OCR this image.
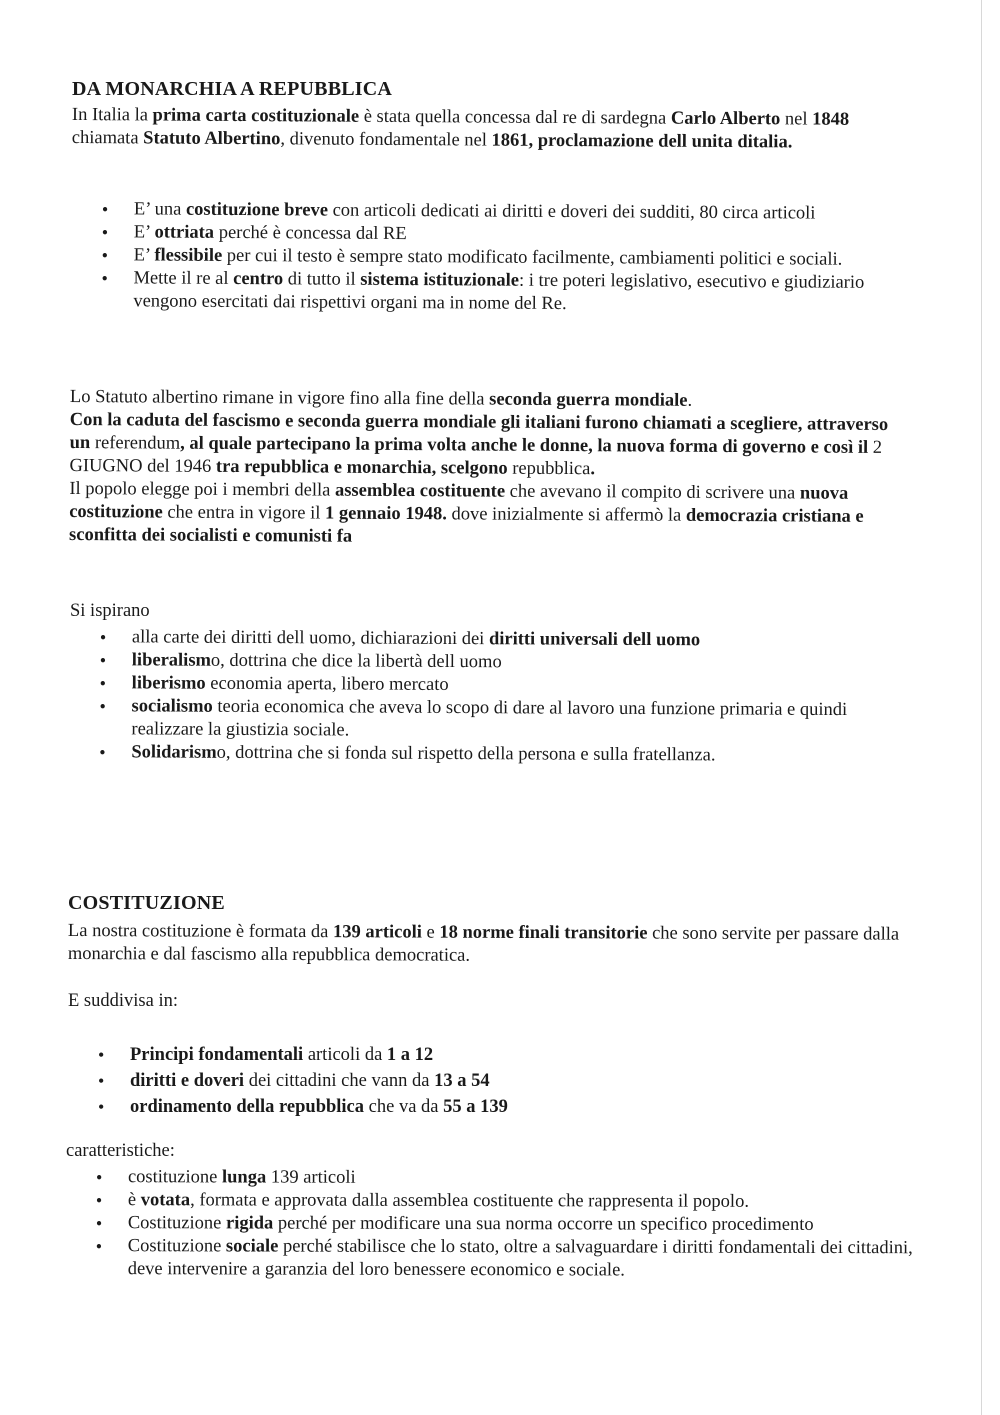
DA MONARCHIA A REPUBBLICA
In Italia la prima carta costituzionale è stata quella concessa dal re di sardegna Carlo Alberto nel 1848 chiamata Statuto Albertino, divenuto fondamentale nel 1861, proclamazione dell unita ditalia.
• E’ una costituzione breve con articoli dedicati ai diritti e doveri dei sudditi, 80 circa articoli
• E’ ottriata perché è concessa dal RE
• E’ flessibile per cui il testo è sempre stato modificato facilmente, cambiamenti politici e sociali.
• Mette il re al centro di tutto il sistema istituzionale: i tre poteri legislativo, esecutivo e giudiziario vengono esercitati dai rispettivi organi ma in nome del Re.
Lo Statuto albertino rimane in vigore fino alla fine della seconda guerra mondiale.
Con la caduta del fascismo e seconda guerra mondiale gli italiani furono chiamati a scegliere, attraverso un referendum, al quale partecipano la prima volta anche le donne, la nuova forma di governo e così il 2 GIUGNO del 1946 tra repubblica e monarchia, scelgono repubblica.
Il popolo elegge poi i membri della assemblea costituente che avevano il compito di scrivere una nuova costituzione che entra in vigore il 1 gennaio 1948. dove inizialmente si affermò la democrazia cristiana e sconfitta dei socialisti e comunisti fa
Si ispirano
• alla carte dei diritti dell uomo, dichiarazioni dei diritti universali dell uomo
• liberalismo, dottrina che dice la libertà dell uomo
• liberismo economia aperta, libero mercato
• socialismo teoria economica che aveva lo scopo di dare al lavoro una funzione primaria e quindi realizzare la giustizia sociale.
• Solidarismo, dottrina che si fonda sul rispetto della persona e sulla fratellanza.
COSTITUZIONE
La nostra costituzione è formata da 139 articoli e 18 norme finali transitorie che sono servite per passare dalla monarchia e dal fascismo alla repubblica democratica.
E suddivisa in:
• Principi fondamentali articoli da 1 a 12
• diritti e doveri dei cittadini che vann da 13 a 54
• ordinamento della repubblica che va da 55 a 139
caratteristiche:
• costituzione lunga 139 articoli
• è votata, formata e approvata dalla assemblea costituente che rappresenta il popolo.
• Costituzione rigida perché per modificare una sua norma occorre un specifico procedimento
• Costituzione sociale perché stabilisce che lo stato, oltre a salvaguardare i diritti fondamentali dei cittadini, deve intervenire a garanzia del loro benessere economico e sociale.
